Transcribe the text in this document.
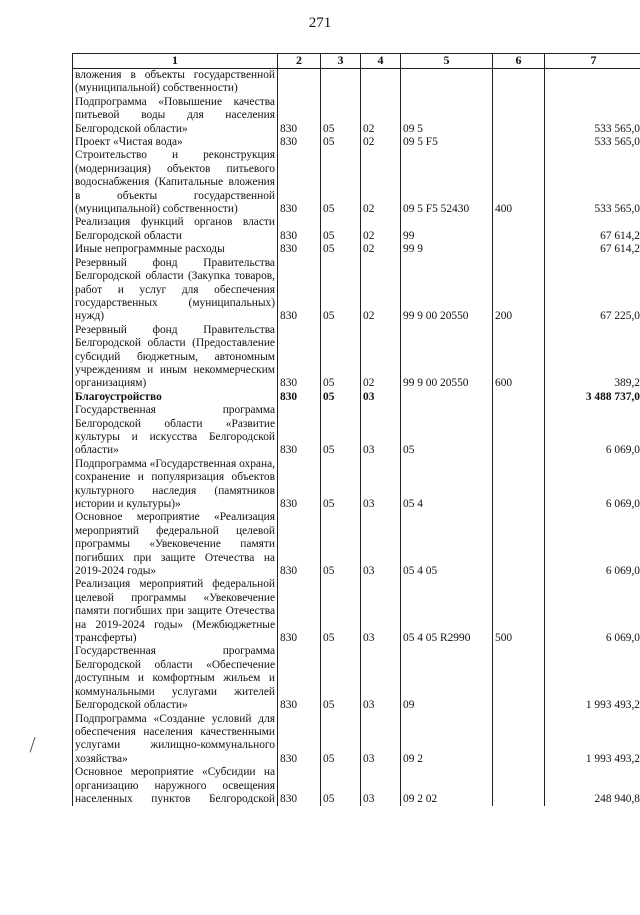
271
1	2	3	4	5	6	7
вложения в объекты государственной (муниципальной) собственности)						
Подпрограмма «Повышение качества питьевой воды для населения Белгородской области»	830	05	02	09 5		533 565,0
Проект «Чистая вода»	830	05	02	09 5 F5		533 565,0
Строительство и реконструкция (модернизация) объектов питьевого водоснабжения (Капитальные вложения в объекты государственной (муниципальной) собственности)	830	05	02	09 5 F5 52430	400	533 565,0
Реализация функций органов власти Белгородской области	830	05	02	99		67 614,2
Иные непрограммные расходы	830	05	02	99 9		67 614,2
Резервный фонд Правительства Белгородской области (Закупка товаров, работ и услуг для обеспечения государственных (муниципальных) нужд)	830	05	02	99 9 00 20550	200	67 225,0
Резервный фонд Правительства Белгородской области (Предоставление субсидий бюджетным, автономным учреждениям и иным некоммерческим организациям)	830	05	02	99 9 00 20550	600	389,2
Благоустройство	830	05	03			3 488 737,0
Государственная программа Белгородской области «Развитие культуры и искусства Белгородской области»	830	05	03	05		6 069,0
Подпрограмма «Государственная охрана, сохранение и популяризация объектов культурного наследия (памятников истории и культуры)»	830	05	03	05 4		6 069,0
Основное мероприятие «Реализация мероприятий федеральной целевой программы «Увековечение памяти погибших при защите Отечества на 2019-2024 годы»	830	05	03	05 4 05		6 069,0
Реализация мероприятий федеральной целевой программы «Увековечение памяти погибших при защите Отечества на 2019-2024 годы» (Межбюджетные трансферты)	830	05	03	05 4 05 R2990	500	6 069,0
Государственная программа Белгородской области «Обеспечение доступным и комфортным жильем и коммунальными услугами жителей Белгородской области»	830	05	03	09		1 993 493,2
Подпрограмма «Создание условий для обеспечения населения качественными услугами жилищно-коммунального хозяйства»	830	05	03	09 2		1 993 493,2
Основное мероприятие «Субсидии на организацию наружного освещения населенных пунктов Белгородской	830	05	03	09 2 02		248 940,8
